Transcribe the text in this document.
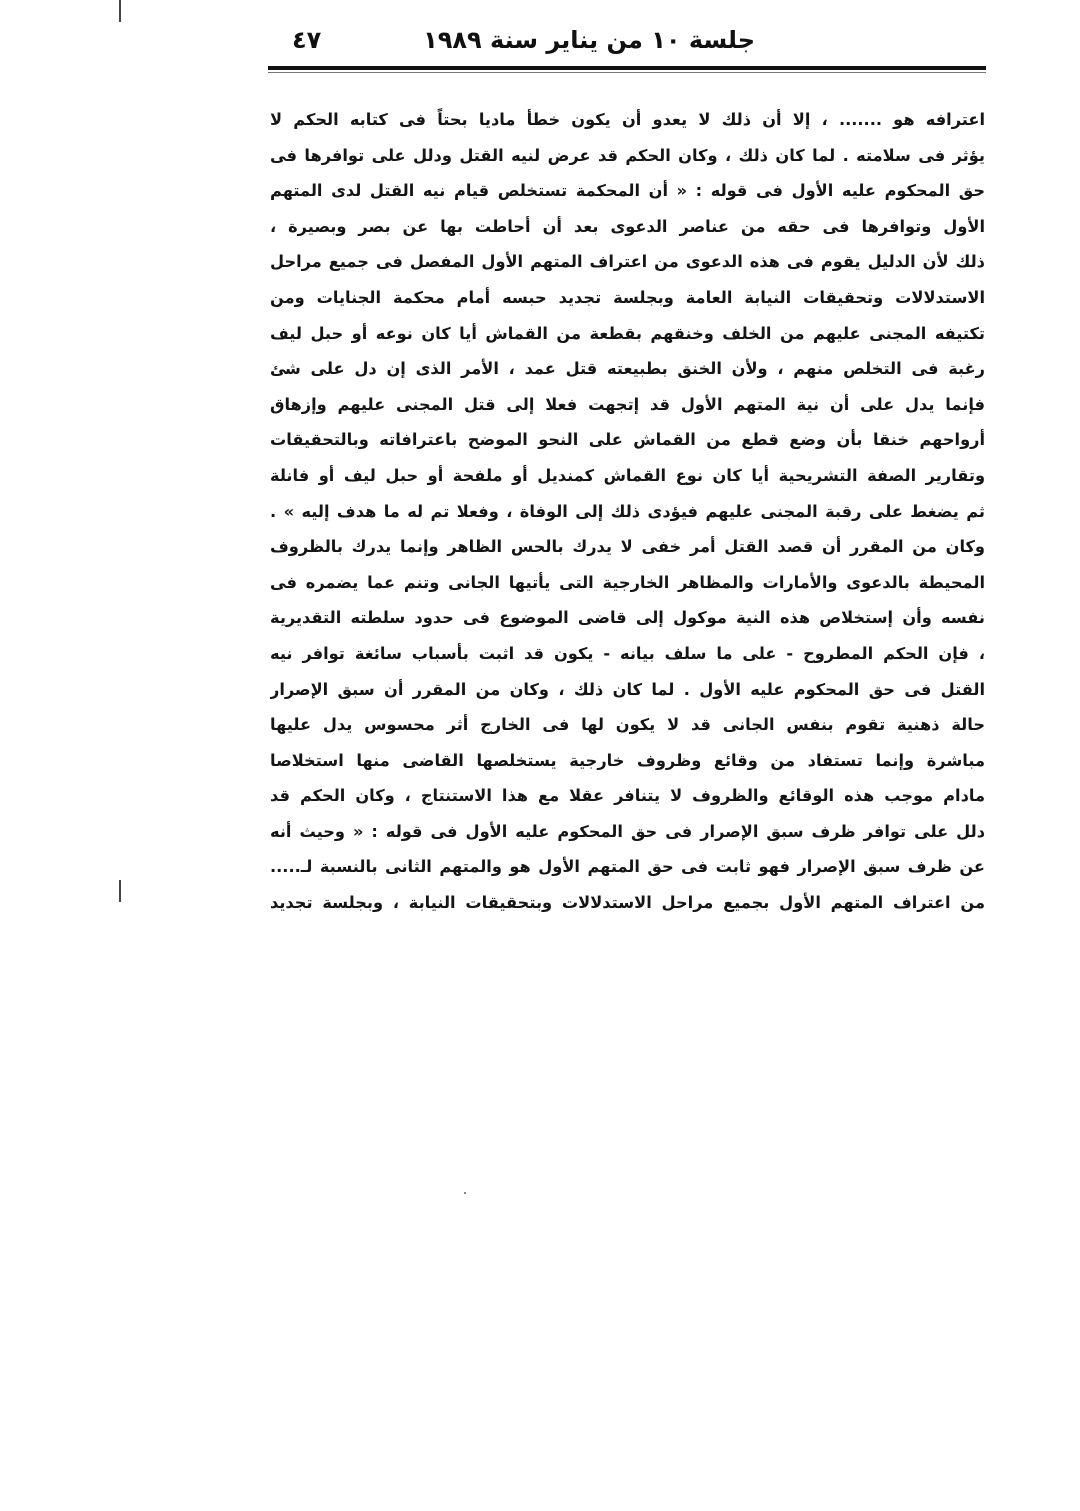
جلسة ١٠ من يناير سنة ١٩٨٩
٤٧
اعترافه هو ....... ، إلا أن ذلك لا يعدو أن يكون خطأ ماديا بحتاً فى كتابه الحكم لا
يؤثر فى سلامته . لما كان ذلك ، وكان الحكم قد عرض لنيه القتل ودلل على توافرها فى
حق المحكوم عليه الأول فى قوله : « أن المحكمة تستخلص قيام نيه القتل لدى المتهم
الأول وتوافرها فى حقه من عناصر الدعوى بعد أن أحاطت بها عن بصر وبصيرة ،
ذلك لأن الدليل يقوم فى هذه الدعوى من اعتراف المتهم الأول المفصل فى جميع مراحل
الاستدلالات وتحقيقات النيابة العامة وبجلسة تجديد حبسه أمام محكمة الجنايات ومن
تكتيفه المجنى عليهم من الخلف وخنقهم بقطعة من القماش أيا كان نوعه أو حبل ليف
رغبة فى التخلص منهم ، ولأن الخنق بطبيعته قتل عمد ، الأمر الذى إن دل على شئ
فإنما يدل على أن نية المتهم الأول قد إتجهت فعلا إلى قتل المجنى عليهم وإزهاق
أرواحهم خنقا بأن وضع قطع من القماش على النحو الموضح باعترافاته وبالتحقيقات
وتقارير الصفة التشريحية أيا كان نوع القماش كمنديل أو ملفحة أو حبل ليف أو فانلة
ثم يضغط على رقبة المجنى عليهم فيؤدى ذلك إلى الوفاة ، وفعلا تم له ما هدف إليه » .
وكان من المقرر أن قصد القتل أمر خفى لا يدرك بالحس الظاهر وإنما يدرك بالظروف
المحيطة بالدعوى والأمارات والمظاهر الخارجية التى يأتيها الجانى وتنم عما يضمره فى
نفسه وأن إستخلاص هذه النية موكول إلى قاضى الموضوع فى حدود سلطته التقديرية
، فإن الحكم المطروح - على ما سلف بيانه - يكون قد اثبت بأسباب سائغة توافر نيه
القتل فى حق المحكوم عليه الأول . لما كان ذلك ، وكان من المقرر أن سبق الإصرار
حالة ذهنية تقوم بنفس الجانى قد لا يكون لها فى الخارج أثر محسوس يدل عليها
مباشرة وإنما تستفاد من وقائع وظروف خارجية يستخلصها القاضى منها استخلاصا
مادام موجب هذه الوقائع والظروف لا يتنافر عقلا مع هذا الاستنتاج ، وكان الحكم قد
دلل على توافر ظرف سبق الإصرار فى حق المحكوم عليه الأول فى قوله : « وحيث أنه
عن ظرف سبق الإصرار فهو ثابت فى حق المتهم الأول هو والمتهم الثانى بالنسبة لـ.....
من اعتراف المتهم الأول بجميع مراحل الاستدلالات وبتحقيقات النيابة ، وبجلسة تجديد
